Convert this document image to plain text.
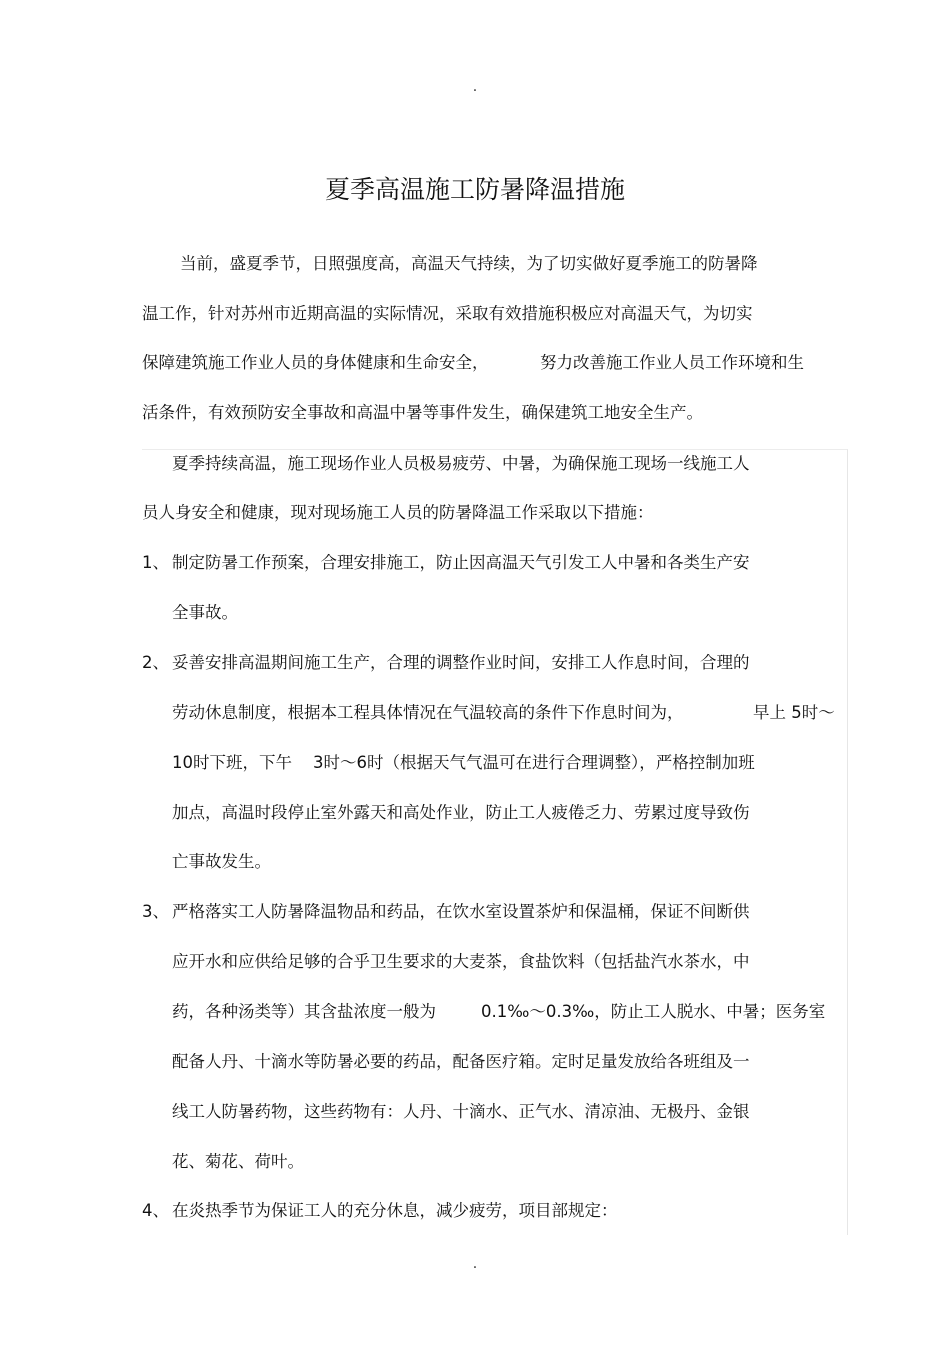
.
夏季高温施工防暑降温措施
当前，盛夏季节，日照强度高，高温天气持续，为了切实做好夏季施工的防暑降
温工作，针对苏州市近期高温的实际情况，采取有效措施积极应对高温天气，为切实
保障建筑施工作业人员的身体健康和生命安全，	努力改善施工作业人员工作环境和生
活条件，有效预防安全事故和高温中暑等事件发生，确保建筑工地安全生产。
夏季持续高温，施工现场作业人员极易疲劳、中暑，为确保施工现场一线施工人
员人身安全和健康，现对现场施工人员的防暑降温工作采取以下措施：
1、 制定防暑工作预案，合理安排施工，防止因高温天气引发工人中暑和各类生产安
全事故。
2、 妥善安排高温期间施工生产，合理的调整作业时间，安排工人作息时间，合理的
劳动休息制度，根据本工程具体情况在气温较高的条件下作息时间为，	早上 5时～
10时下班，下午 3时～6时（根据天气气温可在进行合理调整），严格控制加班
加点，高温时段停止室外露天和高处作业，防止工人疲倦乏力、劳累过度导致伤
亡事故发生。
3、 严格落实工人防暑降温物品和药品，在饮水室设置茶炉和保温桶，保证不间断供
应开水和应供给足够的合乎卫生要求的大麦茶，食盐饮料（包括盐汽水茶水，中
药，各种汤类等）其含盐浓度一般为	0.1‰～0.3‰，防止工人脱水、中暑；医务室
配备人丹、十滴水等防暑必要的药品，配备医疗箱。定时足量发放给各班组及一
线工人防暑药物，这些药物有：人丹、十滴水、正气水、清凉油、无极丹、金银
花、菊花、荷叶。
4、 在炎热季节为保证工人的充分休息，减少疲劳，项目部规定：
.
